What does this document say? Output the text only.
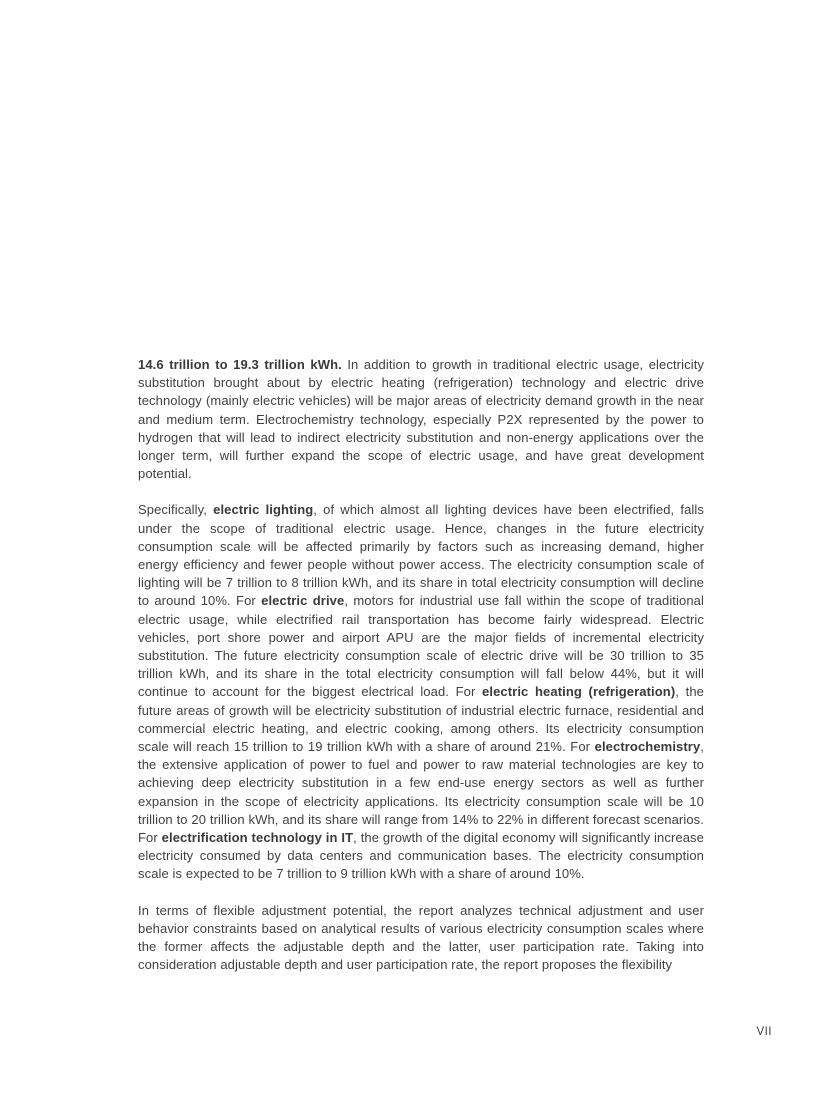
14.6 trillion to 19.3 trillion kWh. In addition to growth in traditional electric usage, electricity substitution brought about by electric heating (refrigeration) technology and electric drive technology (mainly electric vehicles) will be major areas of electricity demand growth in the near and medium term. Electrochemistry technology, especially P2X represented by the power to hydrogen that will lead to indirect electricity substitution and non-energy applications over the longer term, will further expand the scope of electric usage, and have great development potential.

Specifically, electric lighting, of which almost all lighting devices have been electrified, falls under the scope of traditional electric usage. Hence, changes in the future electricity consumption scale will be affected primarily by factors such as increasing demand, higher energy efficiency and fewer people without power access. The electricity consumption scale of lighting will be 7 trillion to 8 trillion kWh, and its share in total electricity consumption will decline to around 10%. For electric drive, motors for industrial use fall within the scope of traditional electric usage, while electrified rail transportation has become fairly widespread. Electric vehicles, port shore power and airport APU are the major fields of incremental electricity substitution. The future electricity consumption scale of electric drive will be 30 trillion to 35 trillion kWh, and its share in the total electricity consumption will fall below 44%, but it will continue to account for the biggest electrical load. For electric heating (refrigeration), the future areas of growth will be electricity substitution of industrial electric furnace, residential and commercial electric heating, and electric cooking, among others. Its electricity consumption scale will reach 15 trillion to 19 trillion kWh with a share of around 21%. For electrochemistry, the extensive application of power to fuel and power to raw material technologies are key to achieving deep electricity substitution in a few end-use energy sectors as well as further expansion in the scope of electricity applications. Its electricity consumption scale will be 10 trillion to 20 trillion kWh, and its share will range from 14% to 22% in different forecast scenarios. For electrification technology in IT, the growth of the digital economy will significantly increase electricity consumed by data centers and communication bases. The electricity consumption scale is expected to be 7 trillion to 9 trillion kWh with a share of around 10%.

In terms of flexible adjustment potential, the report analyzes technical adjustment and user behavior constraints based on analytical results of various electricity consumption scales where the former affects the adjustable depth and the latter, user participation rate. Taking into consideration adjustable depth and user participation rate, the report proposes the flexibility

VII
